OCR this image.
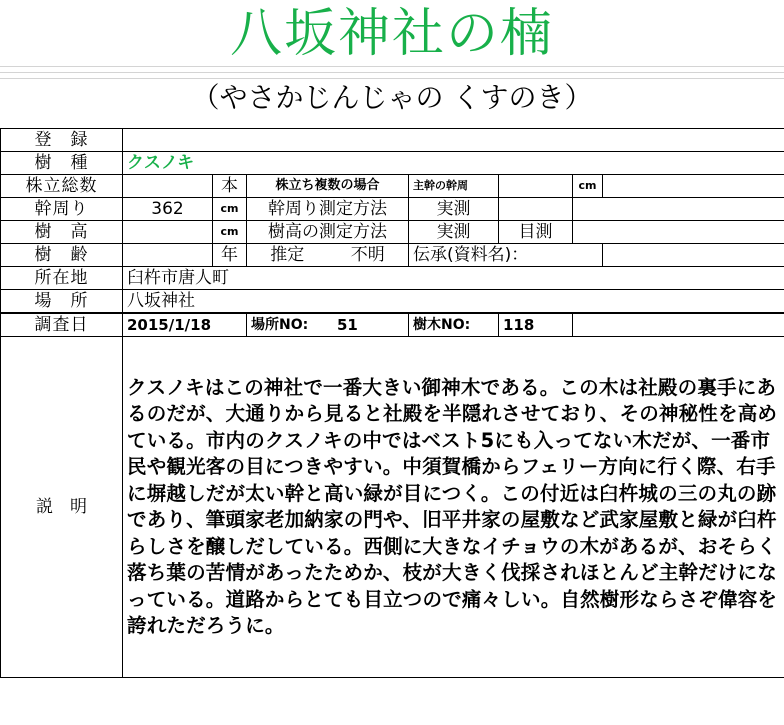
八坂神社の楠
（やさかじんじゃの くすのき）
登　録							
樹　種	クスノキ						
株立総数		本	株立ち複数の場合	主幹の幹周		cm	
幹周り	362	cm	幹周り測定方法	実測			
樹　高		cm	樹高の測定方法	実測	目測		
樹　齢		年	推定 不明	伝承(資料名)：			
所在地	臼杵市唐人町						
場　所	八坂神社						
調査日	2015/1/18		場所NO: 51	樹木NO:	118		
説　明	クスノキはこの神社で一番大きい御神木である。この木は社殿の裏手にあるのだが、大通りから見ると社殿を半隠れさせており、その神秘性を高めている。市内のクスノキの中ではベスト5にも入ってない木だが、一番市民や観光客の目につきやすい。中須賀橋からフェリー方向に行く際、右手に塀越しだが太い幹と高い緑が目につく。この付近は臼杵城の三の丸の跡であり、筆頭家老加納家の門や、旧平井家の屋敷など武家屋敷と緑が臼杵らしさを醸しだしている。西側に大きなイチョウの木があるが、おそらく落ち葉の苦情があったためか、枝が大きく伐採されほとんど主幹だけになっている。道路からとても目立つので痛々しい。自然樹形ならさぞ偉容を誇れただろうに。						
